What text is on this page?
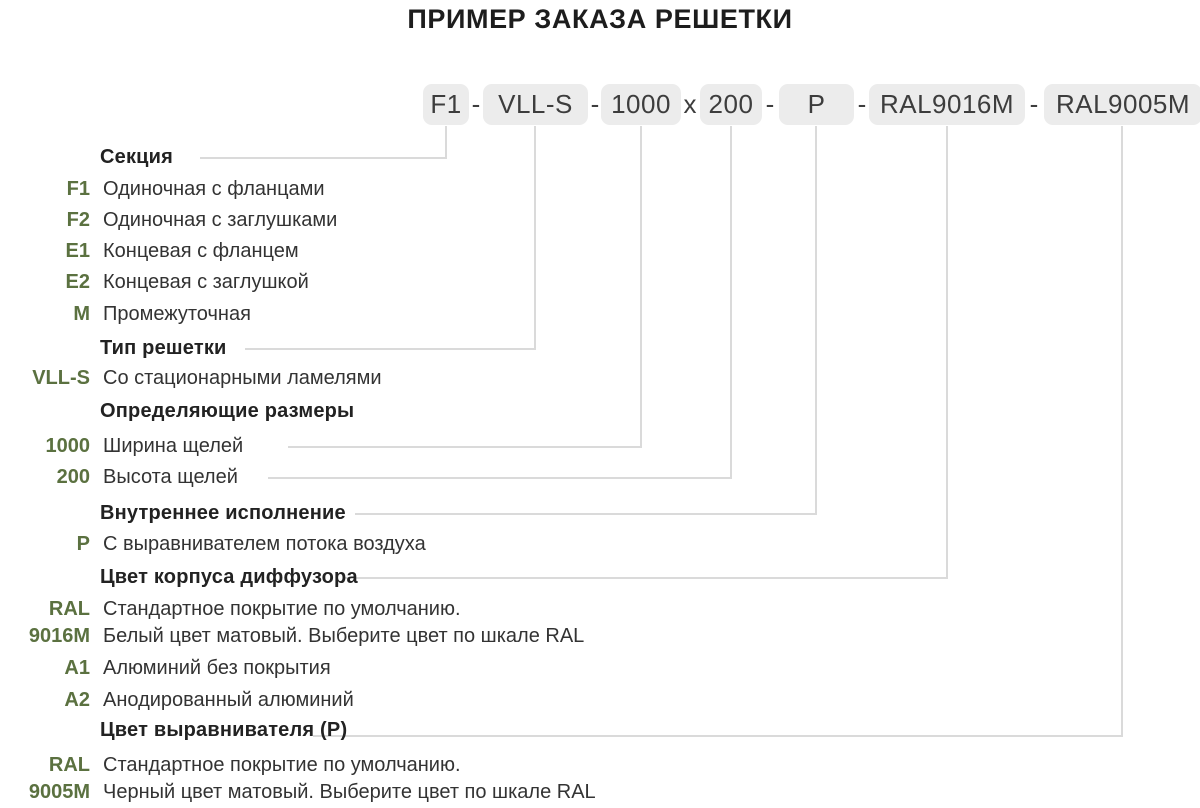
ПРИМЕР ЗАКАЗА РЕШЕТКИ
F1 - VLL-S - 1000 x 200 -	P	- RAL9016M - RAL9005M
Секция
F1 Одиночная с фланцами
F2 Одиночная с заглушками
E1 Концевая с фланцем
E2 Концевая с заглушкой
M Промежуточная
Тип решетки
VLL-S Со стационарными ламелями
Определяющие размеры
1000 Ширина щелей
200 Высота щелей
Внутреннее исполнение
P С выравнивателем потока воздуха
Цвет корпуса диффузора
RAL
9016M
Стандартное покрытие по умолчанию.
Белый цвет матовый. Выберите цвет по шкале RAL
A1 Алюминий без покрытия
A2 Анодированный алюминий
Цвет выравнивателя (P)
RAL
9005M
Стандартное покрытие по умолчанию.
Черный цвет матовый. Выберите цвет по шкале RAL
